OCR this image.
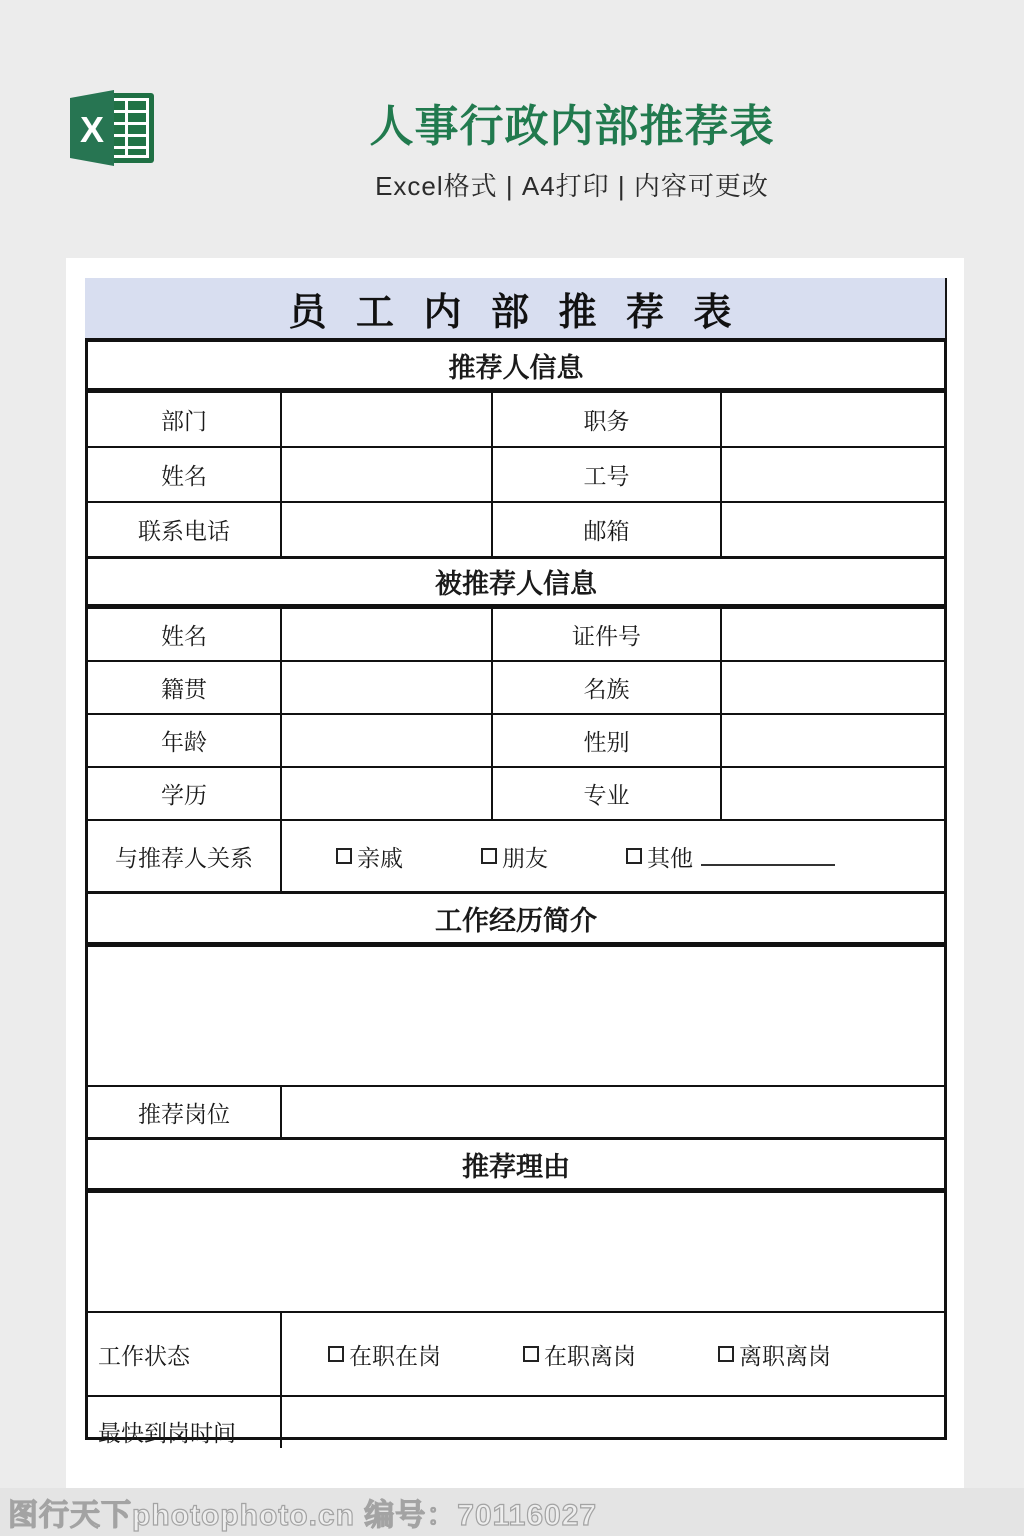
X	人事行政内部推荐表
Excel格式 | A4打印 | 内容可更改
员 工 内 部 推 荐 表
推荐人信息
部门	职务
姓名	工号
联系电话	邮箱
被推荐人信息
姓名	证件号
籍贯	名族
年龄	性别
学历	专业
与推荐人关系	亲戚	朋友	其他
工作经历简介
推荐岗位
推荐理由
工作状态	在职在岗	在职离岗	离职离岗
最快到岗时间
图行天下photophoto.cn 编号：70116027
